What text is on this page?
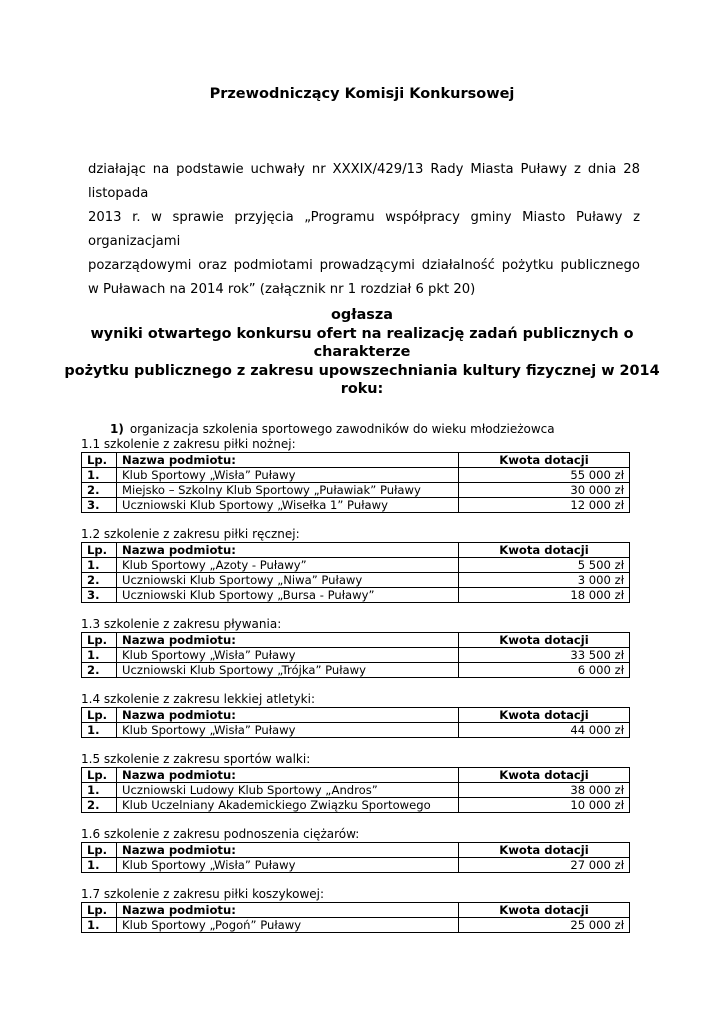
Przewodniczący Komisji Konkursowej
działając na podstawie uchwały nr XXXIX/429/13 Rady Miasta Puławy z dnia 28 listopada
2013 r. w sprawie przyjęcia „Programu współpracy gminy Miasto Puławy z organizacjami
pozarządowymi oraz podmiotami prowadzącymi działalność pożytku publicznego
w Puławach na 2014 rok” (załącznik nr 1 rozdział 6 pkt 20)
ogłasza
wyniki otwartego konkursu ofert na realizację zadań publicznych o charakterze
pożytku publicznego z zakresu upowszechniania kultury fizycznej w 2014 roku:
1) organizacja szkolenia sportowego zawodników do wieku młodzieżowca
1.1 szkolenie z zakresu piłki nożnej:
Lp.	Nazwa podmiotu:	Kwota dotacji
1.	Klub Sportowy „Wisła” Puławy	55 000 zł
2.	Miejsko – Szkolny Klub Sportowy „Puławiak” Puławy	30 000 zł
3.	Uczniowski Klub Sportowy „Wisełka 1” Puławy	12 000 zł
1.2 szkolenie z zakresu piłki ręcznej:
Lp.	Nazwa podmiotu:	Kwota dotacji
1.	Klub Sportowy „Azoty - Puławy”	5 500 zł
2.	Uczniowski Klub Sportowy „Niwa” Puławy	3 000 zł
3.	Uczniowski Klub Sportowy „Bursa - Puławy”	18 000 zł
1.3 szkolenie z zakresu pływania:
Lp.	Nazwa podmiotu:	Kwota dotacji
1.	Klub Sportowy „Wisła” Puławy	33 500 zł
2.	Uczniowski Klub Sportowy „Trójka” Puławy	6 000 zł
1.4 szkolenie z zakresu lekkiej atletyki:
Lp.	Nazwa podmiotu:	Kwota dotacji
1.	Klub Sportowy „Wisła” Puławy	44 000 zł
1.5 szkolenie z zakresu sportów walki:
Lp.	Nazwa podmiotu:	Kwota dotacji
1.	Uczniowski Ludowy Klub Sportowy „Andros”	38 000 zł
2.	Klub Uczelniany Akademickiego Związku Sportowego	10 000 zł
1.6 szkolenie z zakresu podnoszenia ciężarów:
Lp.	Nazwa podmiotu:	Kwota dotacji
1.	Klub Sportowy „Wisła” Puławy	27 000 zł
1.7 szkolenie z zakresu piłki koszykowej:
Lp.	Nazwa podmiotu:	Kwota dotacji
1.	Klub Sportowy „Pogoń” Puławy	25 000 zł
